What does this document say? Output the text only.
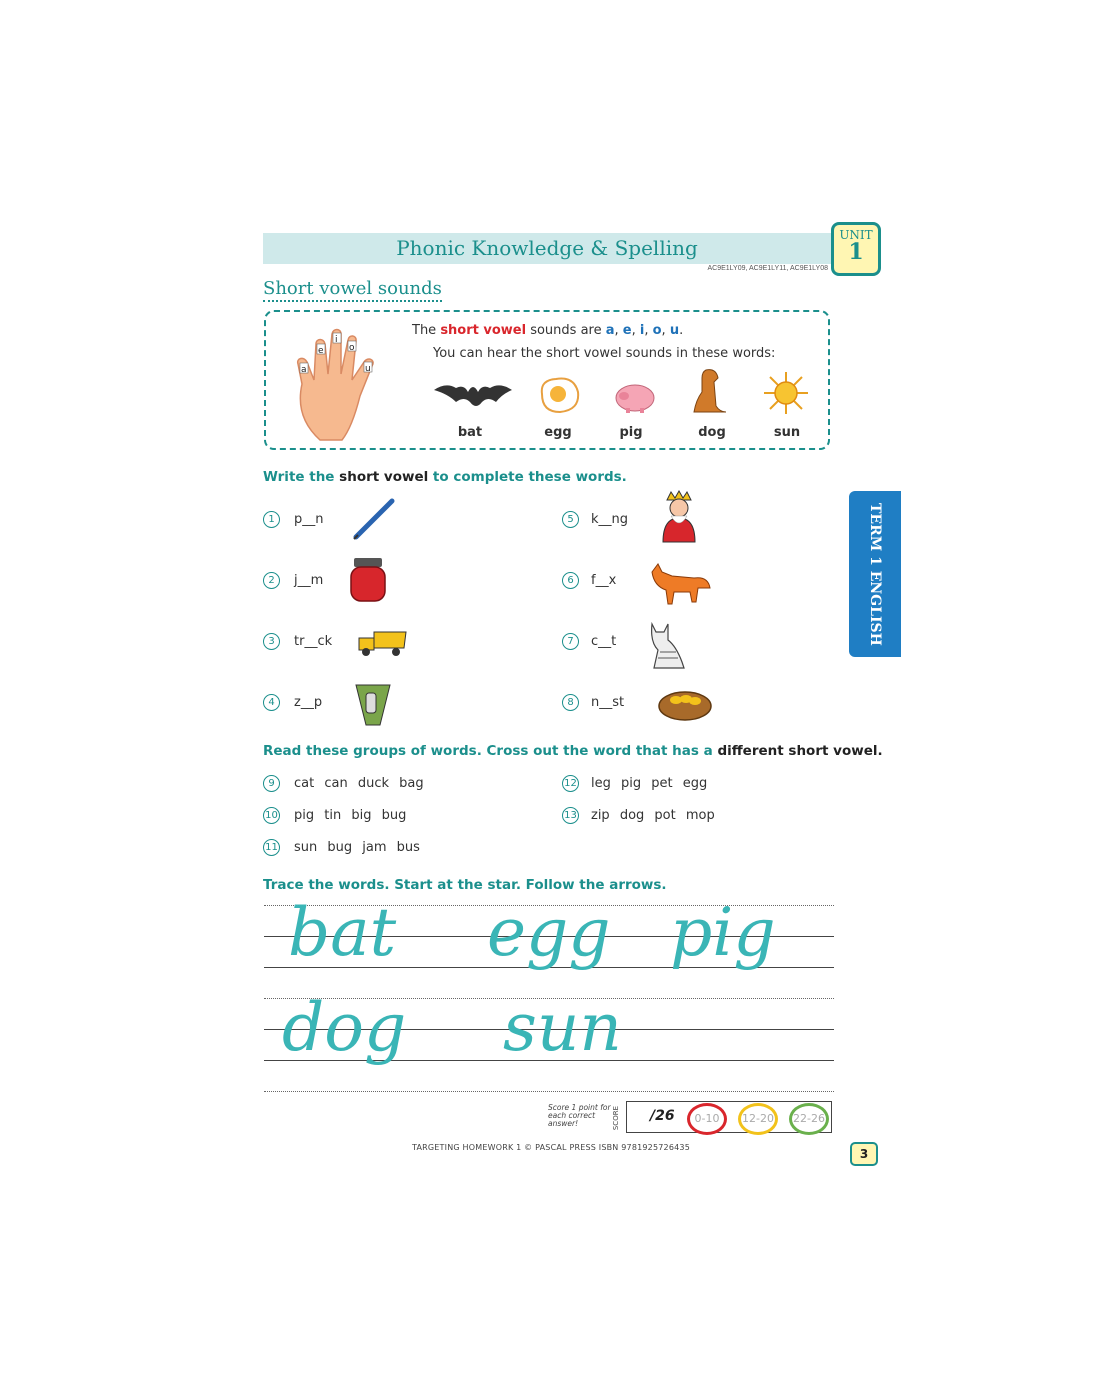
Phonic Knowledge & Spelling
AC9E1LY09, AC9E1LY11, AC9E1LY08
UNIT
1
Short vowel sounds
a
e
i
o
u
The short vowel sounds are a, e, i, o, u.
You can hear the short vowel sounds in these words:
bat	egg	pig	dog	sun
Write the short vowel to complete these words.
1	p__n
2	j__m
3	tr__ck
4	z__p
5	k__ng
6	f__x
7	c__t
8	n__st
Read these groups of words. Cross out the word that has a different short vowel.
9	cat can duck bag
10 pig tin big bug
11 sun bug jam bus
12 leg pig pet egg
13 zip dog pot mop
Trace the words. Start at the star. Follow the arrows.
bat egg pig
dog sun
TERM 1 ENGLISH
Score 1 point for each correct answer!	SCORE /26	0-10	12-20	22-26
TARGETING HOMEWORK 1 © PASCAL PRESS ISBN 9781925726435	3
